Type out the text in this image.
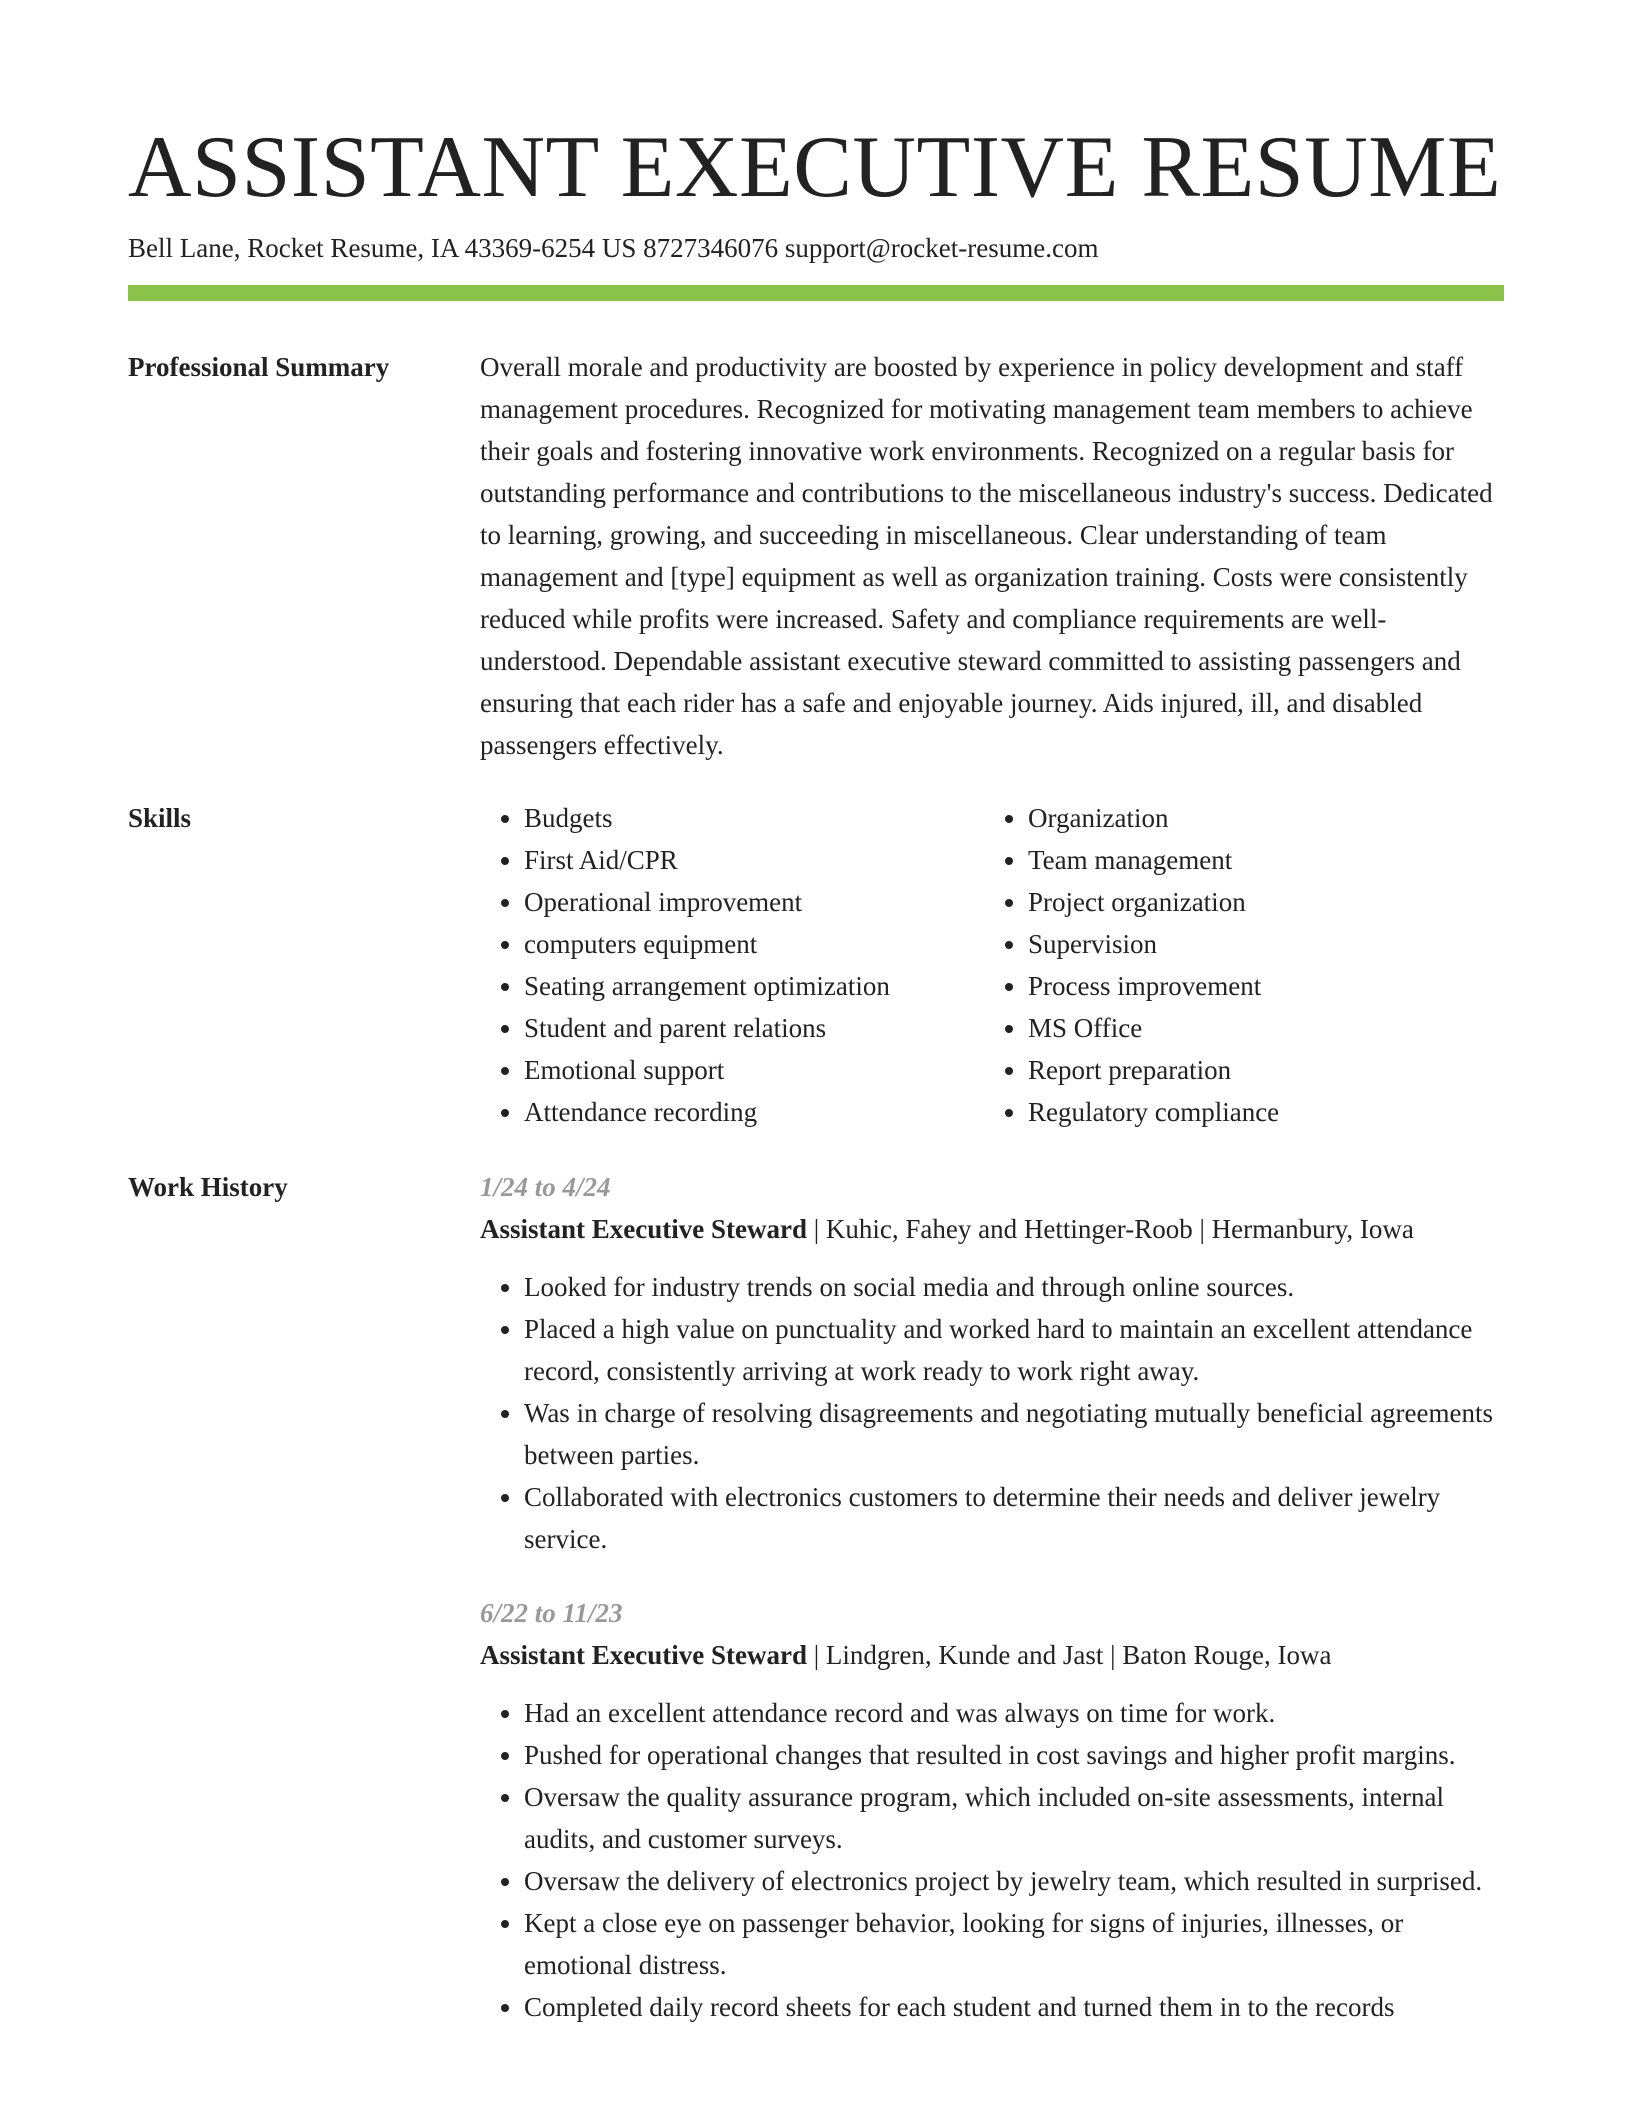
ASSISTANT EXECUTIVE RESUME
Bell Lane, Rocket Resume, IA 43369-6254 US 8727346076 support@rocket-resume.com
Professional Summary	Overall morale and productivity are boosted by experience in policy development and staff management procedures. Recognized for motivating management team members to achieve their goals and fostering innovative work environments. Recognized on a regular basis for outstanding performance and contributions to the miscellaneous industry's success. Dedicated to learning, growing, and succeeding in miscellaneous. Clear understanding of team management and [type] equipment as well as organization training. Costs were consistently reduced while profits were increased. Safety and compliance requirements are well-understood. Dependable assistant executive steward committed to assisting passengers and ensuring that each rider has a safe and enjoyable journey. Aids injured, ill, and disabled passengers effectively.

Skills
•	Budgets
• First Aid/CPR
• Operational improvement
• computers equipment
• Seating arrangement optimization
• Student and parent relations
• Emotional support
• Attendance recording
• Organization
• Team management
• Project organization
• Supervision
• Process improvement
• MS Office
• Report preparation
• Regulatory compliance
Work History	1/24 to 4/24
Assistant Executive Steward | Kuhic, Fahey and Hettinger-Roob | Hermanbury, Iowa
• Looked for industry trends on social media and through online sources.
• Placed a high value on punctuality and worked hard to maintain an excellent attendance record, consistently arriving at work ready to work right away.
• Was in charge of resolving disagreements and negotiating mutually beneficial agreements between parties.
• Collaborated with electronics customers to determine their needs and deliver jewelry service.
6/22 to 11/23
Assistant Executive Steward | Lindgren, Kunde and Jast | Baton Rouge, Iowa
• Had an excellent attendance record and was always on time for work.
• Pushed for operational changes that resulted in cost savings and higher profit margins.
• Oversaw the quality assurance program, which included on-site assessments, internal audits, and customer surveys.
• Oversaw the delivery of electronics project by jewelry team, which resulted in surprised.
• Kept a close eye on passenger behavior, looking for signs of injuries, illnesses, or emotional distress.
• Completed daily record sheets for each student and turned them in to the records
